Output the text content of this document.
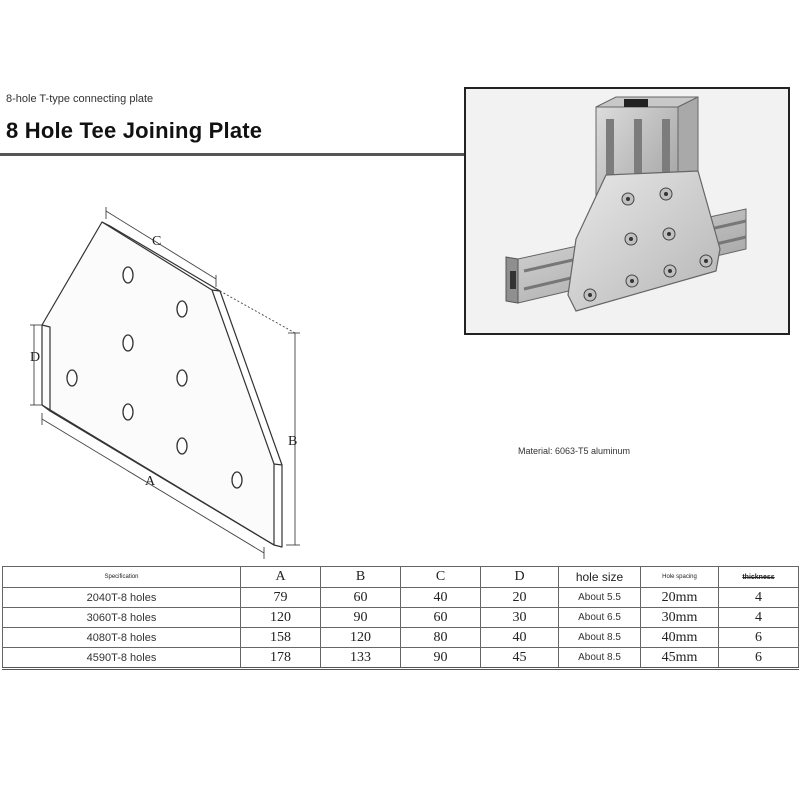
8-hole T-type connecting plate
8 Hole Tee Joining Plate
C
D
B
A
Material: 6063-T5 aluminum
Specification	A	B	C	D	hole size	Hole spacing	thickness
2040T-8 holes	79	60	40	20	About 5.5	20mm	4
3060T-8 holes	120	90	60	30	About 6.5	30mm	4
4080T-8 holes	158	120	80	40	About 8.5	40mm	6
4590T-8 holes	178	133	90	45	About 8.5	45mm	6
